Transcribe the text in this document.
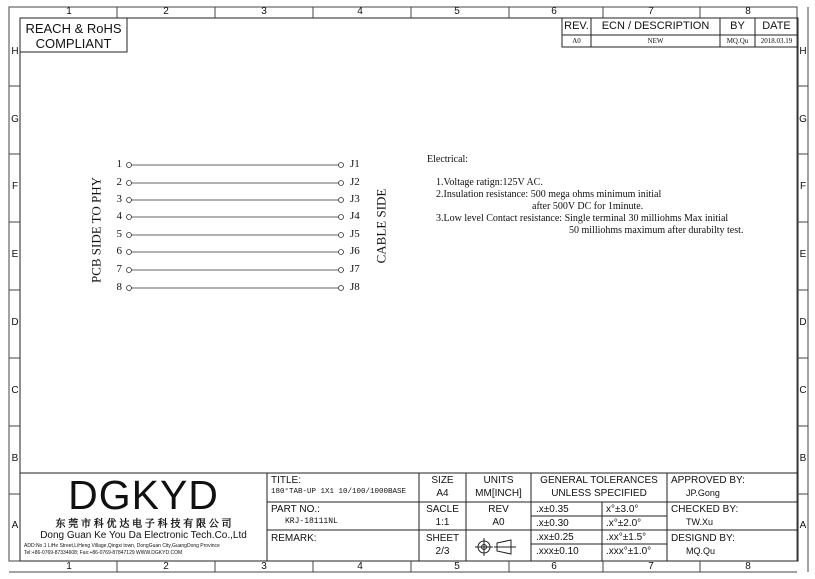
REACH & RoHS
COMPLIANT
REV.	ECN / DESCRIPTION	BY	DATE
A0	NEW	MQ.Qu	2018.03.19
PCB SIDE TO PHY	CABLE SIDE
Electrical:
1.Voltage ratign:125V AC.
2.Insulation resistance: 500 mega ohms minimum initial
after 500V DC for 1minute.
3.Low level Contact resistance: Single terminal 30 milliohms Max initial
50 milliohms maximum after durabilty test.
DGKYD
东 莞 市 科 优 达 电 子 科 技 有 限 公 司
Dong Guan Ke You Da Electronic Tech.Co.,Ltd
ADD:No.1 LiHe Street,LiHeng Village,Qingxi town, DongGuan City,GuangDong Province
Tel:+86-0769-87334608; Fax:+86-0769-87847129 WWW.DGKYD.COM
TITLE:
180°TAB-UP 1X1 10/100/1000BASE
PART NO.:
KRJ-18111NL
REMARK:
SIZE
A4
UNITS
MM[INCH]
SACLE
1:1
REV
A0
SHEET
2/3
GENERAL TOLERANCES
UNLESS SPECIFIED
.x±0.35	x°±3.0°
.x±0.30	.x°±2.0°
.xx±0.25	.xx°±1.5°
.xxx±0.10	.xxx°±1.0°
APPROVED BY:
JP.Gong
CHECKED BY:
TW.Xu
DESIGND BY:
MQ.Qu
1
1
2
2
3
3
4
4
5
5
6
6
7
7
8
8
H	H
G	G
F	F
E	E
D	D
C	C
B	B
A	A
1	J1
2	J2
3	J3
4	J4
5	J5
6	J6
7	J7
8	J8
